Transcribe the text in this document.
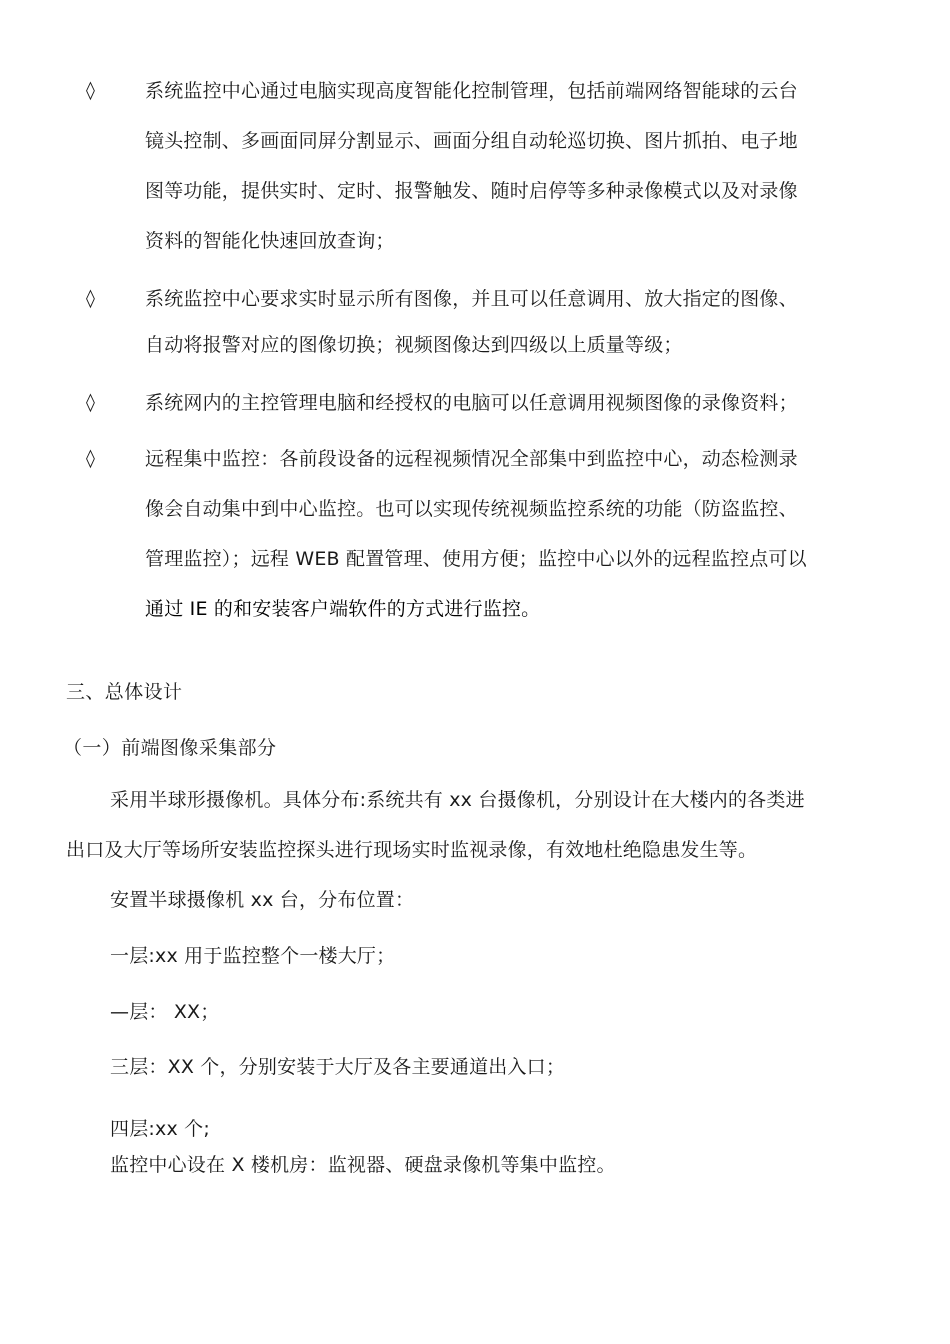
◊	系统监控中心通过电脑实现高度智能化控制管理，包括前端网络智能球的云台
镜头控制、多画面同屏分割显示、画面分组自动轮巡切换、图片抓拍、电子地
图等功能，提供实时、定时、报警触发、随时启停等多种录像模式以及对录像
资料的智能化快速回放查询；
◊	系统监控中心要求实时显示所有图像，并且可以任意调用、放大指定的图像、
自动将报警对应的图像切换；视频图像达到四级以上质量等级；
◊	系统网内的主控管理电脑和经授权的电脑可以任意调用视频图像的录像资料；
◊	远程集中监控：各前段设备的远程视频情况全部集中到监控中心，动态检测录
像会自动集中到中心监控。也可以实现传统视频监控系统的功能（防盗监控、
管理监控）；远程 WEB 配置管理、使用方便；监控中心以外的远程监控点可以
通过 IE 的和安装客户端软件的方式进行监控。
三、总体设计
（一）前端图像采集部分
采用半球形摄像机。具体分布:系统共有 xx 台摄像机，分别设计在大楼内的各类进
出口及大厅等场所安装监控探头进行现场实时监视录像，有效地杜绝隐患发生等。
安置半球摄像机 xx 台，分布位置：
一层:xx 用于监控整个一楼大厅；
—层： XX；
三层：XX 个，分别安装于大厅及各主要通道出入口；
四层:xx 个;
监控中心设在 X 楼机房：监视器、硬盘录像机等集中监控。
